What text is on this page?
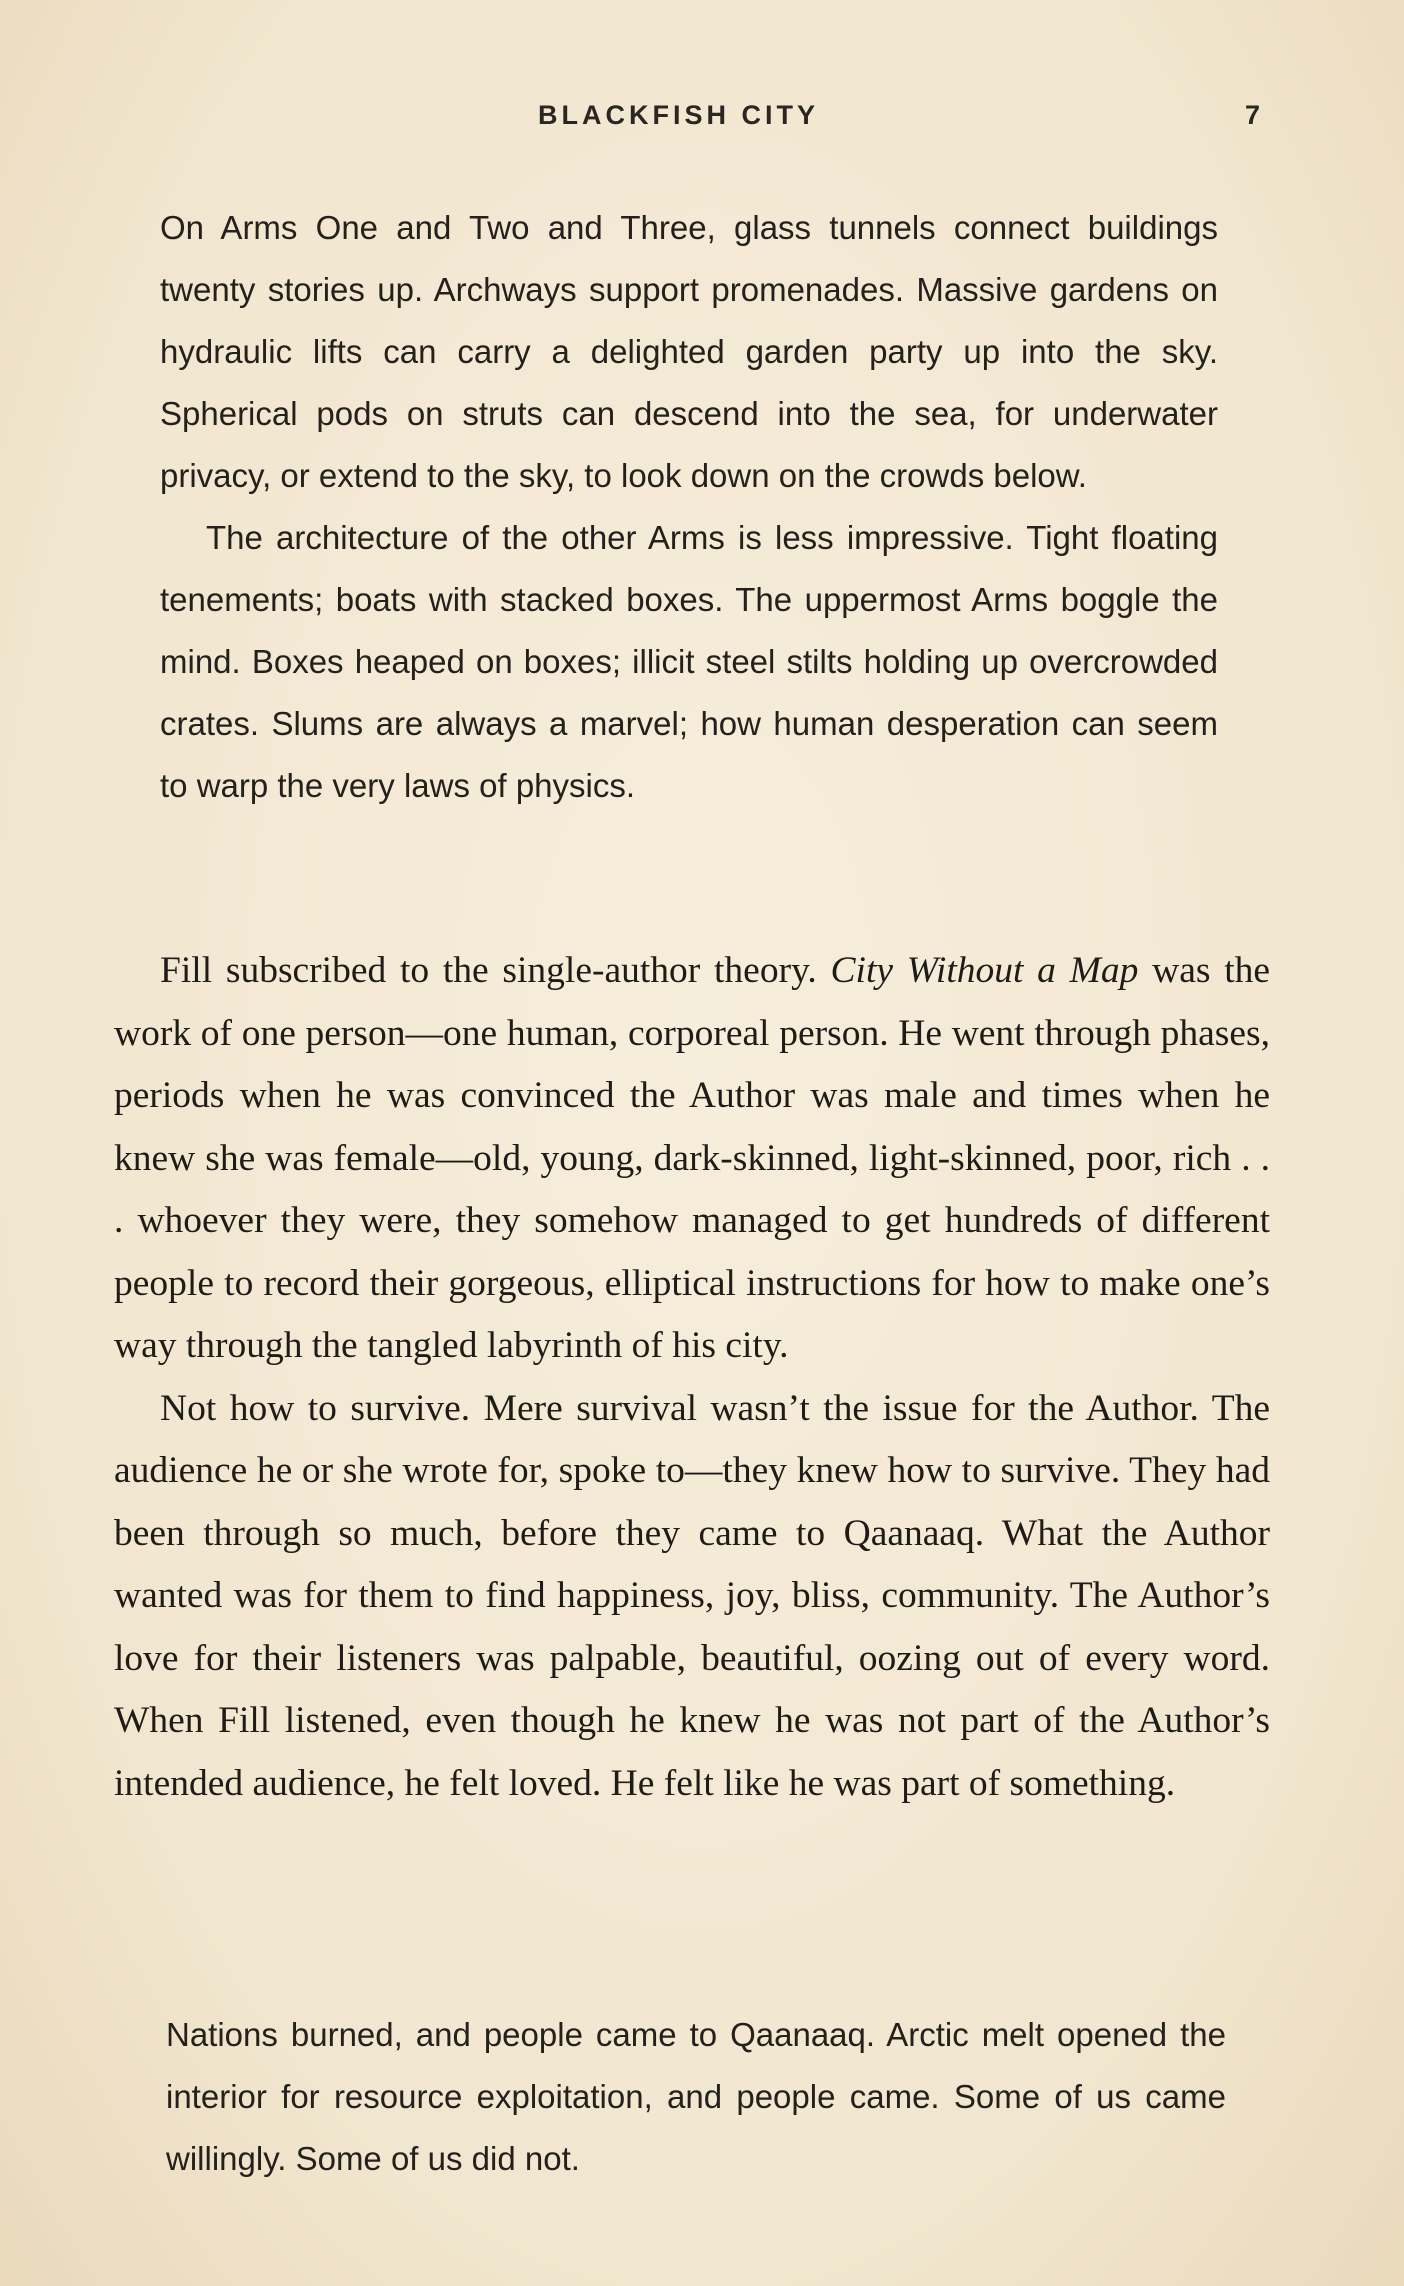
BLACKFISH CITY	7

On Arms One and Two and Three, glass tunnels connect buildings twenty stories up. Archways support promenades. Massive gardens on hydraulic lifts can carry a delighted garden party up into the sky. Spherical pods on struts can descend into the sea, for underwater privacy, or extend to the sky, to look down on the crowds below.

The architecture of the other Arms is less impressive. Tight floating tenements; boats with stacked boxes. The uppermost Arms boggle the mind. Boxes heaped on boxes; illicit steel stilts holding up overcrowded crates. Slums are always a marvel; how human desperation can seem to warp the very laws of physics.

Fill subscribed to the single-author theory. City Without a Map was the work of one person—one human, corporeal person. He went through phases, periods when he was convinced the Author was male and times when he knew she was female—old, young, dark-skinned, light-skinned, poor, rich . . . whoever they were, they somehow managed to get hundreds of different people to record their gorgeous, elliptical instructions for how to make one’s way through the tangled labyrinth of his city.

Not how to survive. Mere survival wasn’t the issue for the Author. The audience he or she wrote for, spoke to—they knew how to survive. They had been through so much, before they came to Qaanaaq. What the Author wanted was for them to find happiness, joy, bliss, community. The Author’s love for their listeners was palpable, beautiful, oozing out of every word. When Fill listened, even though he knew he was not part of the Author’s intended audience, he felt loved. He felt like he was part of something.

Nations burned, and people came to Qaanaaq. Arctic melt opened the interior for resource exploitation, and people came. Some of us came willingly. Some of us did not.
